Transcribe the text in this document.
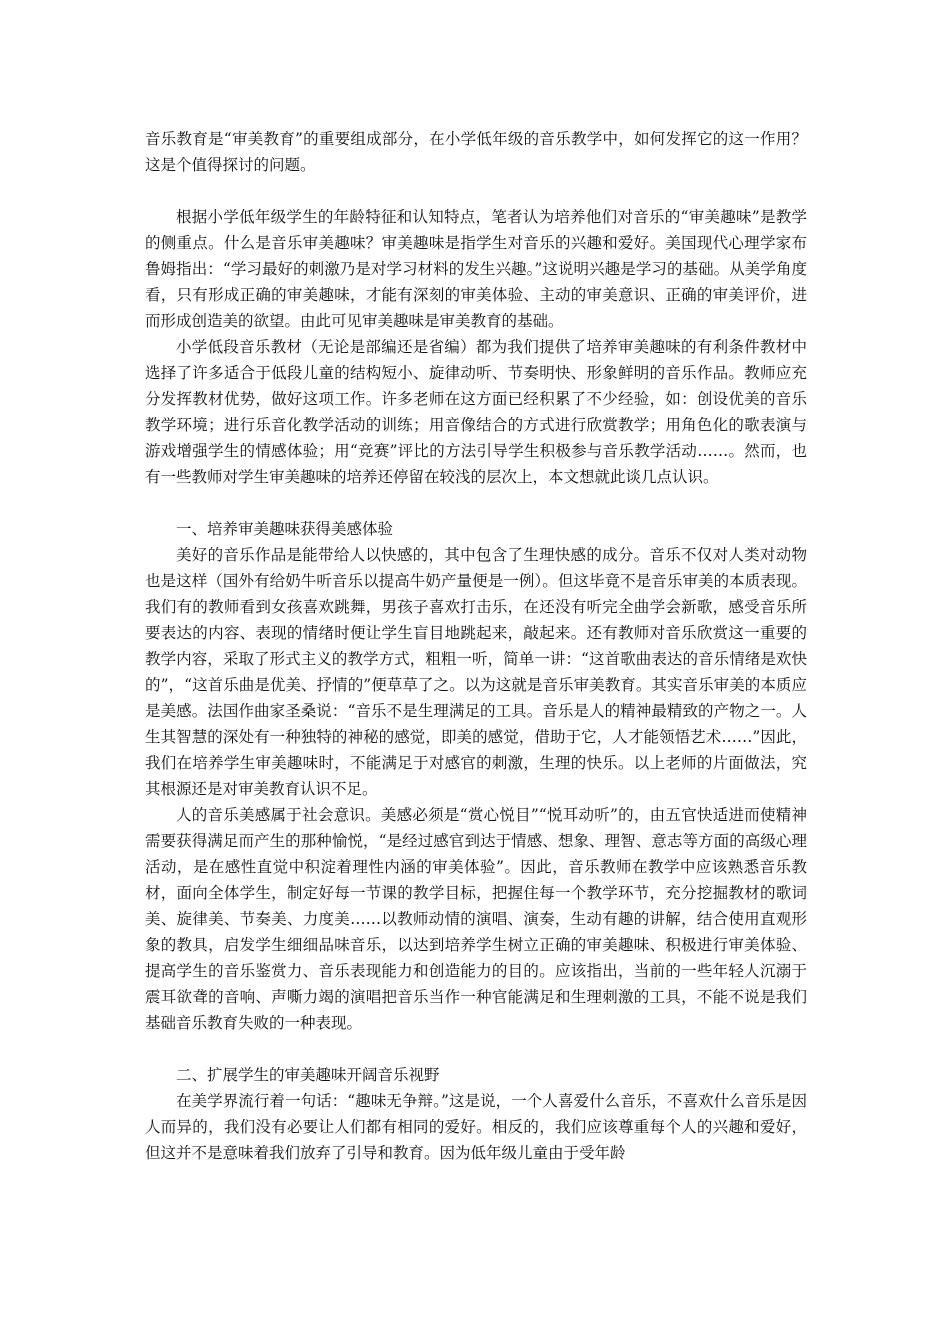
音乐教育是“审美教育”的重要组成部分，在小学低年级的音乐教学中，如何发挥它的这一作用？这是个值得探讨的问题。

根据小学低年级学生的年龄特征和认知特点，笔者认为培养他们对音乐的“审美趣味”是教学的侧重点。什么是音乐审美趣味？审美趣味是指学生对音乐的兴趣和爱好。美国现代心理学家布鲁姆指出：“学习最好的刺激乃是对学习材料的发生兴趣。”这说明兴趣是学习的基础。从美学角度看，只有形成正确的审美趣味，才能有深刻的审美体验、主动的审美意识、正确的审美评价，进而形成创造美的欲望。由此可见审美趣味是审美教育的基础。

小学低段音乐教材（无论是部编还是省编）都为我们提供了培养审美趣味的有利条件教材中选择了许多适合于低段儿童的结构短小、旋律动听、节奏明快、形象鲜明的音乐作品。教师应充分发挥教材优势，做好这项工作。许多老师在这方面已经积累了不少经验，如：创设优美的音乐教学环境；进行乐音化教学活动的训练；用音像结合的方式进行欣赏教学；用角色化的歌表演与游戏增强学生的情感体验；用“竞赛”评比的方法引导学生积极参与音乐教学活动……。然而，也有一些教师对学生审美趣味的培养还停留在较浅的层次上，本文想就此谈几点认识。

一、培养审美趣味获得美感体验

美好的音乐作品是能带给人以快感的，其中包含了生理快感的成分。音乐不仅对人类对动物也是这样（国外有给奶牛听音乐以提高牛奶产量便是一例）。但这毕竟不是音乐审美的本质表现。我们有的教师看到女孩喜欢跳舞，男孩子喜欢打击乐，在还没有听完全曲学会新歌，感受音乐所要表达的内容、表现的情绪时便让学生盲目地跳起来，敲起来。还有教师对音乐欣赏这一重要的教学内容，采取了形式主义的教学方式，粗粗一听，简单一讲：“这首歌曲表达的音乐情绪是欢快的”，“这首乐曲是优美、抒情的”便草草了之。以为这就是音乐审美教育。其实音乐审美的本质应是美感。法国作曲家圣桑说：“音乐不是生理满足的工具。音乐是人的精神最精致的产物之一。人生其智慧的深处有一种独特的神秘的感觉，即美的感觉，借助于它，人才能领悟艺术……”因此，我们在培养学生审美趣味时，不能满足于对感官的刺激，生理的快乐。以上老师的片面做法，究其根源还是对审美教育认识不足。

人的音乐美感属于社会意识。美感必须是“赏心悦目”“悦耳动听”的，由五官快适进而使精神需要获得满足而产生的那种愉悦，“是经过感官到达于情感、想象、理智、意志等方面的高级心理活动，是在感性直觉中积淀着理性内涵的审美体验”。因此，音乐教师在教学中应该熟悉音乐教材，面向全体学生，制定好每一节课的教学目标，把握住每一个教学环节，充分挖掘教材的歌词美、旋律美、节奏美、力度美……以教师动情的演唱、演奏，生动有趣的讲解，结合使用直观形象的教具，启发学生细细品味音乐，以达到培养学生树立正确的审美趣味、积极进行审美体验、提高学生的音乐鉴赏力、音乐表现能力和创造能力的目的。应该指出，当前的一些年轻人沉溺于震耳欲聋的音响、声嘶力竭的演唱把音乐当作一种官能满足和生理刺激的工具，不能不说是我们基础音乐教育失败的一种表现。

二、扩展学生的审美趣味开阔音乐视野

在美学界流行着一句话：“趣味无争辩。”这是说，一个人喜爱什么音乐，不喜欢什么音乐是因人而异的，我们没有必要让人们都有相同的爱好。相反的，我们应该尊重每个人的兴趣和爱好，但这并不是意味着我们放弃了引导和教育。因为低年级儿童由于受年龄
